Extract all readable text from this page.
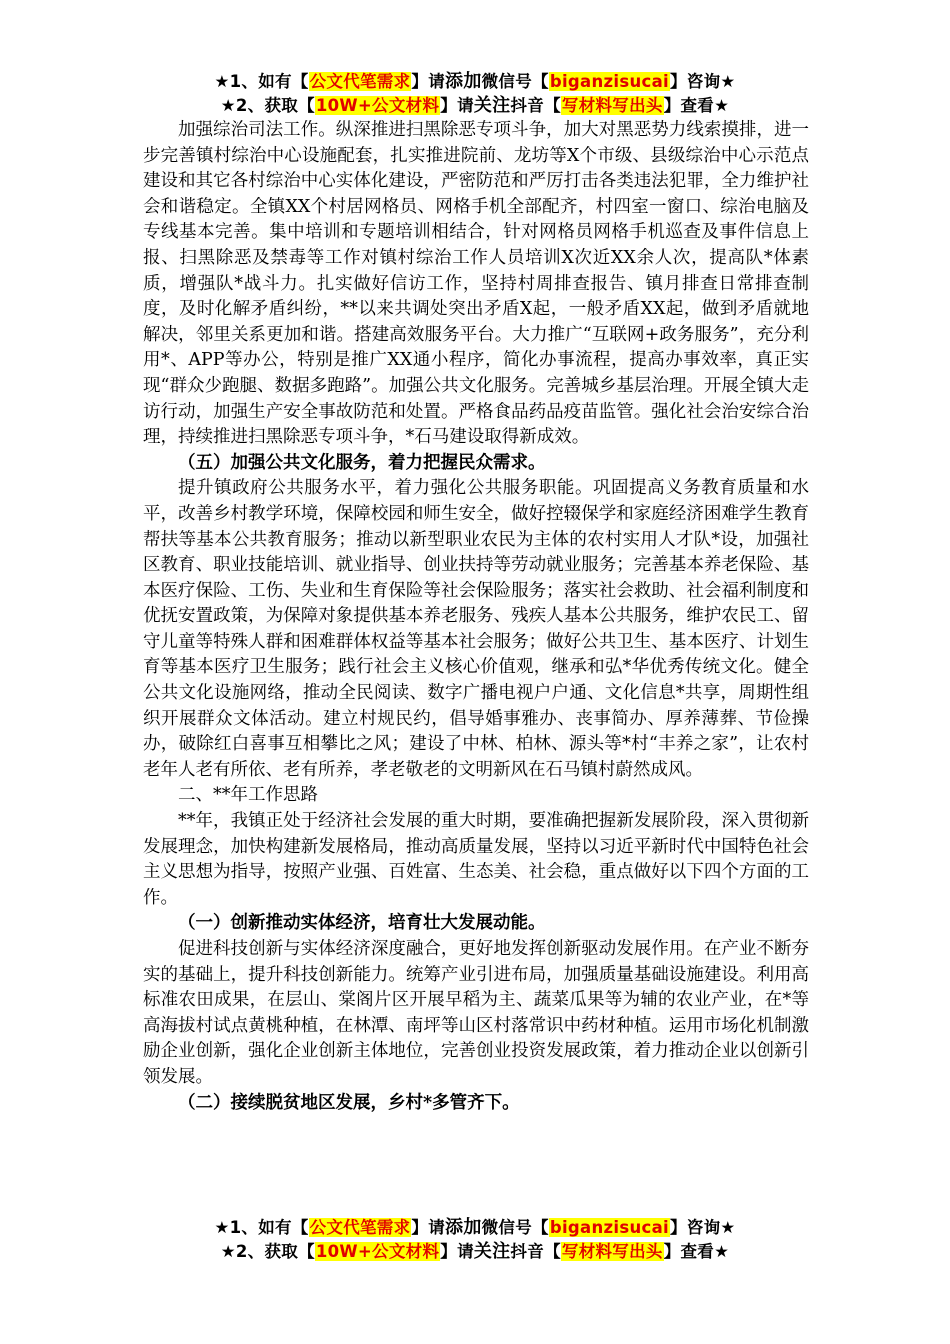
★1、如有【公文代笔需求】请添加微信号【biganzisucai】咨询★
★2、获取【10W+公文材料】请关注抖音【写材料写出头】查看★

加强综治司法工作。纵深推进扫黑除恶专项斗争，加大对黑恶势力线索摸排，进一步完善镇村综治中心设施配套，扎实推进院前、龙坊等X个市级、县级综治中心示范点建设和其它各村综治中心实体化建设，严密防范和严厉打击各类违法犯罪，全力维护社会和谐稳定。全镇XX个村居网格员、网格手机全部配齐，村四室一窗口、综治电脑及专线基本完善。集中培训和专题培训相结合，针对网格员网格手机巡查及事件信息上报、扫黑除恶及禁毒等工作对镇村综治工作人员培训X次近XX余人次，提高队*体素质，增强队*战斗力。扎实做好信访工作，坚持村周排查报告、镇月排查日常排查制度，及时化解矛盾纠纷，**以来共调处突出矛盾X起，一般矛盾XX起，做到矛盾就地解决，邻里关系更加和谐。搭建高效服务平台。大力推广“互联网+政务服务”，充分利用*、APP等办公，特别是推广XX通小程序，简化办事流程，提高办事效率，真正实现“群众少跑腿、数据多跑路”。加强公共文化服务。完善城乡基层治理。开展全镇大走访行动，加强生产安全事故防范和处置。严格食品药品疫苗监管。强化社会治安综合治理，持续推进扫黑除恶专项斗争，*石马建设取得新成效。

（五）加强公共文化服务，着力把握民众需求。

提升镇政府公共服务水平，着力强化公共服务职能。巩固提高义务教育质量和水平，改善乡村教学环境，保障校园和师生安全，做好控辍保学和家庭经济困难学生教育帮扶等基本公共教育服务；推动以新型职业农民为主体的农村实用人才队*设，加强社区教育、职业技能培训、就业指导、创业扶持等劳动就业服务；完善基本养老保险、基本医疗保险、工伤、失业和生育保险等社会保险服务；落实社会救助、社会福利制度和优抚安置政策，为保障对象提供基本养老服务、残疾人基本公共服务，维护农民工、留守儿童等特殊人群和困难群体权益等基本社会服务；做好公共卫生、基本医疗、计划生育等基本医疗卫生服务；践行社会主义核心价值观，继承和弘*华优秀传统文化。健全公共文化设施网络，推动全民阅读、数字广播电视户户通、文化信息*共享，周期性组织开展群众文体活动。建立村规民约，倡导婚事雅办、丧事简办、厚养薄葬、节俭操办，破除红白喜事互相攀比之风；建设了中林、柏林、源头等*村“丰养之家”，让农村老年人老有所依、老有所养，孝老敬老的文明新风在石马镇村蔚然成风。

二、**年工作思路

**年，我镇正处于经济社会发展的重大时期，要准确把握新发展阶段，深入贯彻新发展理念，加快构建新发展格局，推动高质量发展，坚持以习近平新时代中国特色社会主义思想为指导，按照产业强、百姓富、生态美、社会稳，重点做好以下四个方面的工作。

（一）创新推动实体经济，培育壮大发展动能。

促进科技创新与实体经济深度融合，更好地发挥创新驱动发展作用。在产业不断夯实的基础上，提升科技创新能力。统筹产业引进布局，加强质量基础设施建设。利用高标准农田成果，在层山、棠阁片区开展早稻为主、蔬菜瓜果等为辅的农业产业，在*等高海拔村试点黄桃种植，在林潭、南坪等山区村落常识中药材种植。运用市场化机制激励企业创新，强化企业创新主体地位，完善创业投资发展政策，着力推动企业以创新引领发展。

（二）接续脱贫地区发展，乡村*多管齐下。

★1、如有【公文代笔需求】请添加微信号【biganzisucai】咨询★
★2、获取【10W+公文材料】请关注抖音【写材料写出头】查看★
